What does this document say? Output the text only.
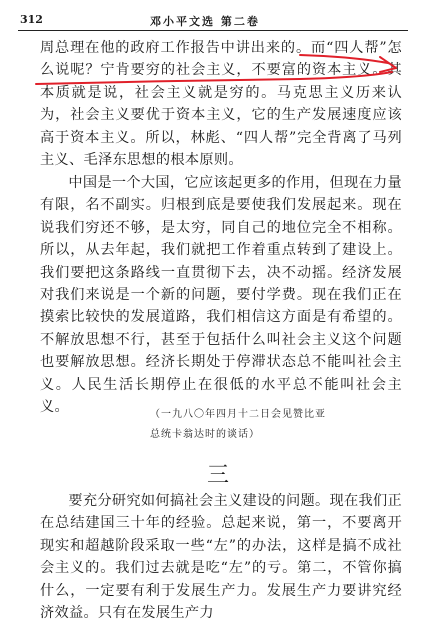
312	邓小平文选 第二卷

周总理在他的政府工作报告中讲出来的。而“四人帮”怎么说呢？宁肯要穷的社会主义，不要富的资本主义。其本质就是说，社会主义就是穷的。马克思主义历来认为，社会主义要优于资本主义，它的生产发展速度应该高于资本主义。所以，林彪、“四人帮”完全背离了马列主义、毛泽东思想的根本原则。

中国是一个大国，它应该起更多的作用，但现在力量有限，名不副实。归根到底是要使我们发展起来。现在说我们穷还不够，是太穷，同自己的地位完全不相称。所以，从去年起，我们就把工作着重点转到了建设上。我们要把这条路线一直贯彻下去，决不动摇。经济发展对我们来说是一个新的问题，要付学费。现在我们正在摸索比较快的发展道路，我们相信这方面是有希望的。不解放思想不行，甚至于包括什么叫社会主义这个问题也要解放思想。经济长期处于停滞状态总不能叫社会主义。人民生活长期停止在很低的水平总不能叫社会主义。	（一九八〇年四月十二日会见赞比亚

总统卡翁达时的谈话）

三

要充分研究如何搞社会主义建设的问题。现在我们正在总结建国三十年的经验。总起来说，第一，不要离开现实和超越阶段采取一些“左”的办法，这样是搞不成社会主义的。我们过去就是吃“左”的亏。第二，不管你搞什么，一定要有利于发展生产力。发展生产力要讲究经济效益。只有在发展生产力
